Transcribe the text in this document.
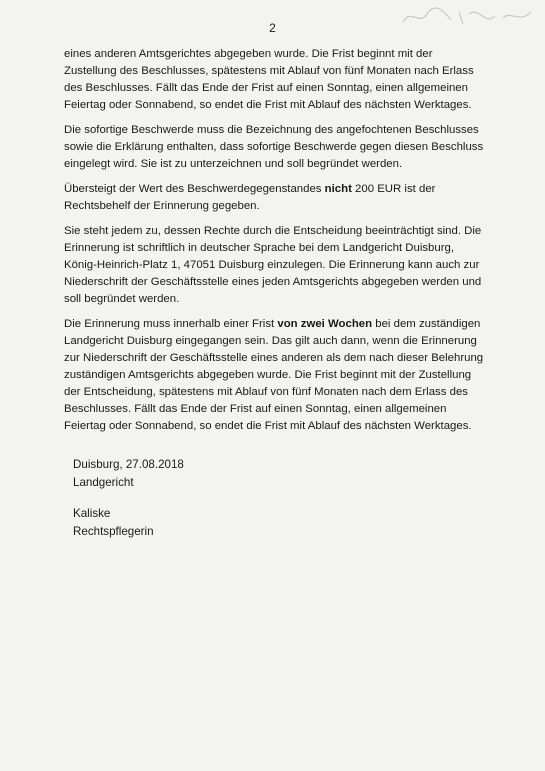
2

eines anderen Amtsgerichtes abgegeben wurde. Die Frist beginnt mit der Zustellung des Beschlusses, spätestens mit Ablauf von fünf Monaten nach Erlass des Beschlusses. Fällt das Ende der Frist auf einen Sonntag, einen allgemeinen Feiertag oder Sonnabend, so endet die Frist mit Ablauf des nächsten Werktages.

Die sofortige Beschwerde muss die Bezeichnung des angefochtenen Beschlusses sowie die Erklärung enthalten, dass sofortige Beschwerde gegen diesen Beschluss eingelegt wird. Sie ist zu unterzeichnen und soll begründet werden.

Übersteigt der Wert des Beschwerdegegenstandes nicht 200 EUR ist der Rechtsbehelf der Erinnerung gegeben.

Sie steht jedem zu, dessen Rechte durch die Entscheidung beeinträchtigt sind. Die Erinnerung ist schriftlich in deutscher Sprache bei dem Landgericht Duisburg, König-Heinrich-Platz 1, 47051 Duisburg einzulegen. Die Erinnerung kann auch zur Niederschrift der Geschäftsstelle eines jeden Amtsgerichts abgegeben werden und soll begründet werden.

Die Erinnerung muss innerhalb einer Frist von zwei Wochen bei dem zuständigen Landgericht Duisburg eingegangen sein. Das gilt auch dann, wenn die Erinnerung zur Niederschrift der Geschäftsstelle eines anderen als dem nach dieser Belehrung zuständigen Amtsgerichts abgegeben wurde. Die Frist beginnt mit der Zustellung der Entscheidung, spätestens mit Ablauf von fünf Monaten nach dem Erlass des Beschlusses. Fällt das Ende der Frist auf einen Sonntag, einen allgemeinen Feiertag oder Sonnabend, so endet die Frist mit Ablauf des nächsten Werktages.

Duisburg, 27.08.2018
Landgericht
Kaliske
Rechtspflegerin
